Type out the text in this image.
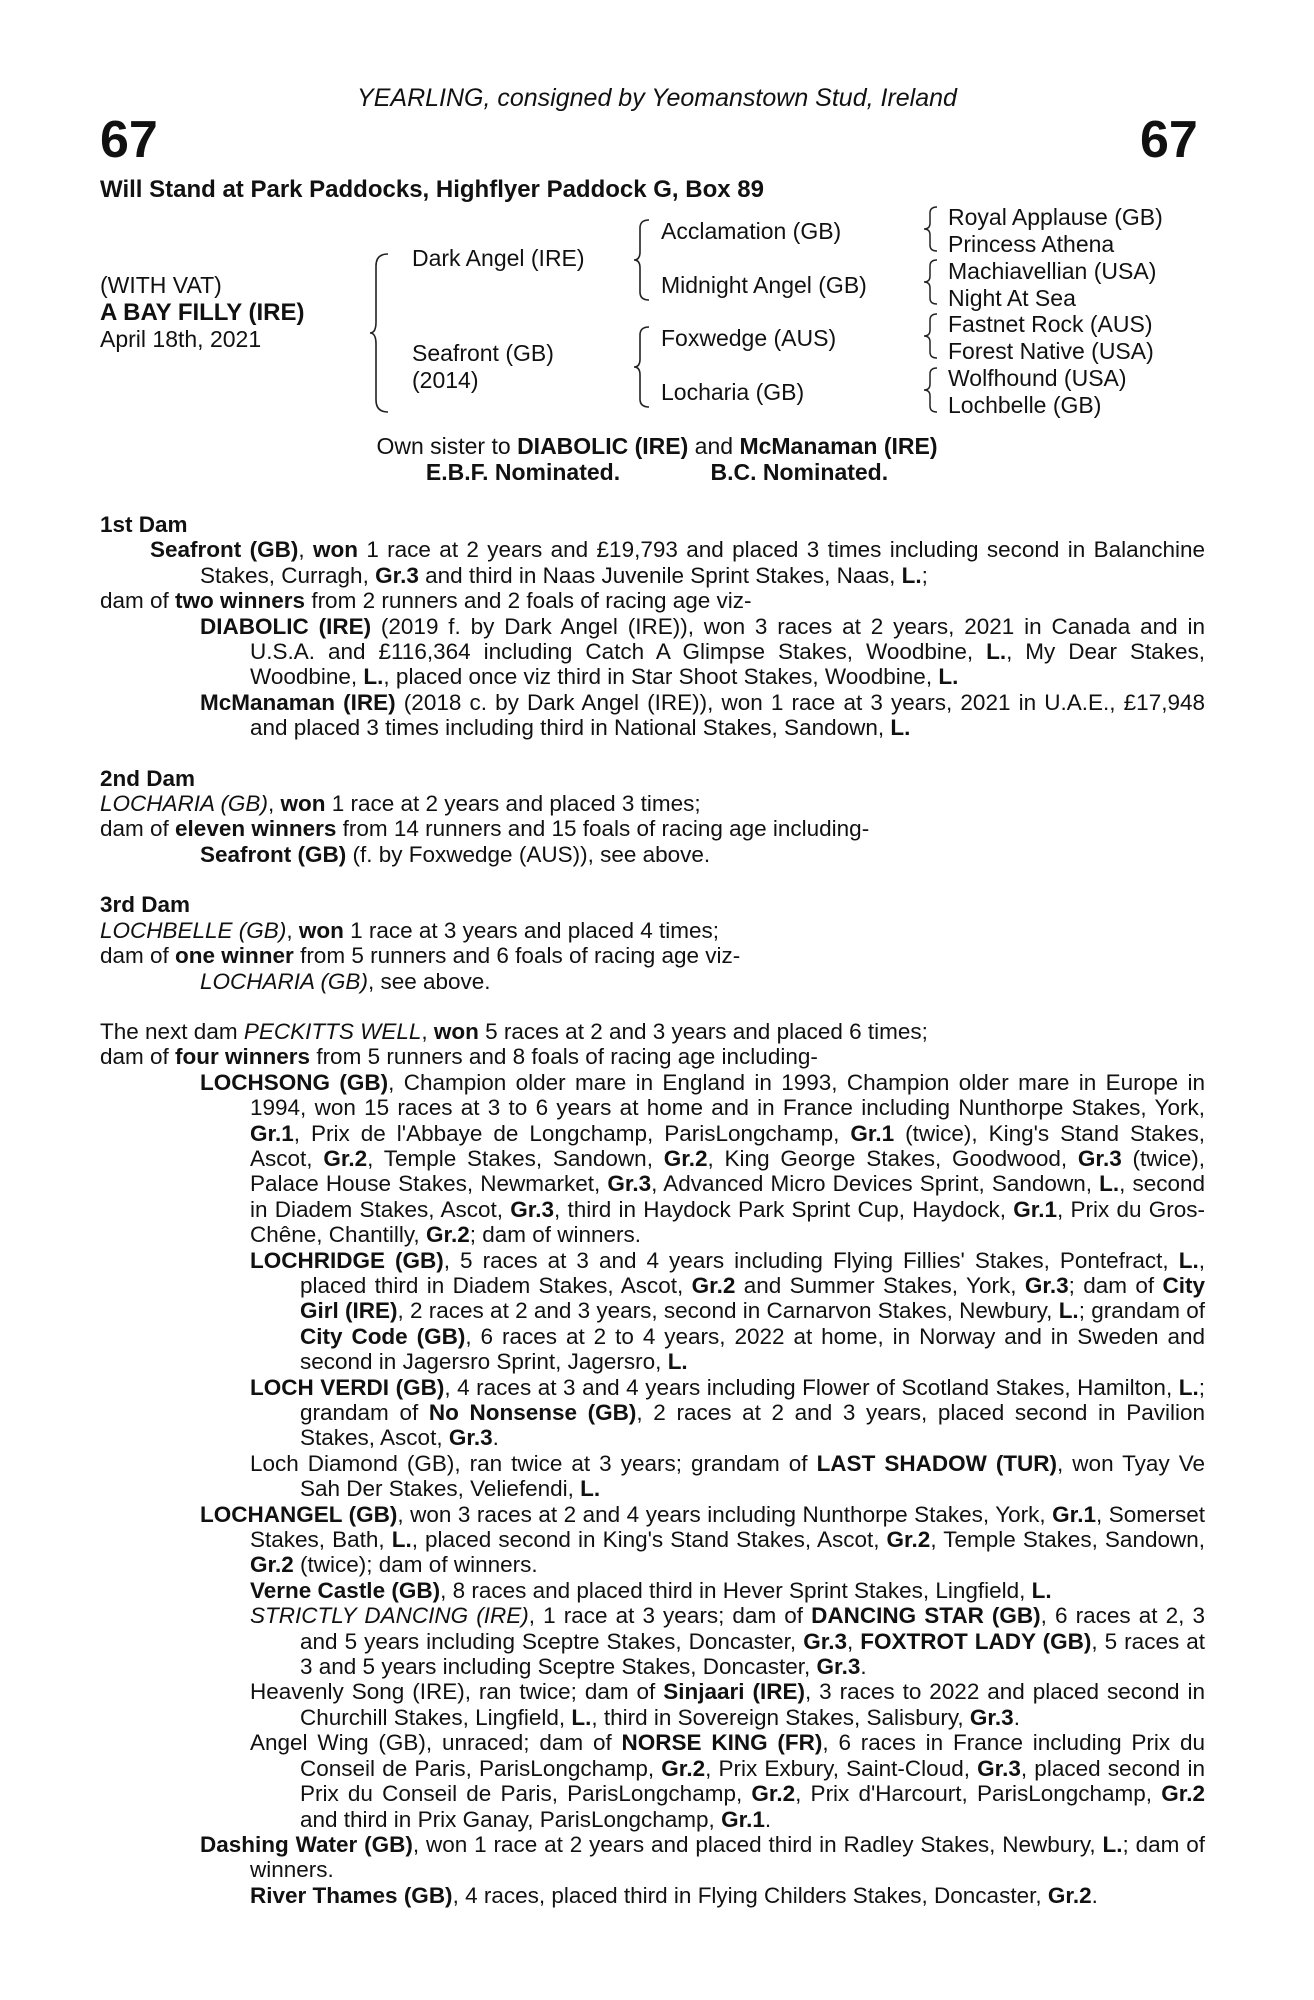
YEARLING, consigned by Yeomanstown Stud, Ireland
67	67
Will Stand at Park Paddocks, Highflyer Paddock G, Box 89
(WITH VAT)
A BAY FILLY (IRE)
April 18th, 2021
Dark Angel (IRE)
Seafront (GB)
(2014)
Acclamation (GB)
Midnight Angel (GB)
Foxwedge (AUS)
Locharia (GB)
Royal Applause (GB)
Princess Athena
Machiavellian (USA)
Night At Sea
Fastnet Rock (AUS)
Forest Native (USA)
Wolfhound (USA)
Lochbelle (GB)
Own sister to DIABOLIC (IRE) and McManaman (IRE)
E.B.F. Nominated.	B.C. Nominated.

1st Dam

Seafront (GB), won 1 race at 2 years and £19,793 and placed 3 times including second in Balanchine Stakes, Curragh, Gr.3 and third in Naas Juvenile Sprint Stakes, Naas, L.;

dam of two winners from 2 runners and 2 foals of racing age viz-

DIABOLIC (IRE) (2019 f. by Dark Angel (IRE)), won 3 races at 2 years, 2021 in Canada and in U.S.A. and £116,364 including Catch A Glimpse Stakes, Woodbine, L., My Dear Stakes, Woodbine, L., placed once viz third in Star Shoot Stakes, Woodbine, L.

McManaman (IRE) (2018 c. by Dark Angel (IRE)), won 1 race at 3 years, 2021 in U.A.E., £17,948 and placed 3 times including third in National Stakes, Sandown, L.

2nd Dam

LOCHARIA (GB), won 1 race at 2 years and placed 3 times;

dam of eleven winners from 14 runners and 15 foals of racing age including-

Seafront (GB) (f. by Foxwedge (AUS)), see above.

3rd Dam

LOCHBELLE (GB), won 1 race at 3 years and placed 4 times;

dam of one winner from 5 runners and 6 foals of racing age viz-

LOCHARIA (GB), see above.

The next dam PECKITTS WELL, won 5 races at 2 and 3 years and placed 6 times;

dam of four winners from 5 runners and 8 foals of racing age including-

LOCHSONG (GB), Champion older mare in England in 1993, Champion older mare in Europe in 1994, won 15 races at 3 to 6 years at home and in France including Nunthorpe Stakes, York, Gr.1, Prix de l'Abbaye de Longchamp, ParisLongchamp, Gr.1 (twice), King's Stand Stakes, Ascot, Gr.2, Temple Stakes, Sandown, Gr.2, King George Stakes, Goodwood, Gr.3 (twice), Palace House Stakes, Newmarket, Gr.3, Advanced Micro Devices Sprint, Sandown, L., second in Diadem Stakes, Ascot, Gr.3, third in Haydock Park Sprint Cup, Haydock, Gr.1, Prix du Gros-Chêne, Chantilly, Gr.2; dam of winners.

LOCHRIDGE (GB), 5 races at 3 and 4 years including Flying Fillies' Stakes, Pontefract, L., placed third in Diadem Stakes, Ascot, Gr.2 and Summer Stakes, York, Gr.3; dam of City Girl (IRE), 2 races at 2 and 3 years, second in Carnarvon Stakes, Newbury, L.; grandam of City Code (GB), 6 races at 2 to 4 years, 2022 at home, in Norway and in Sweden and second in Jagersro Sprint, Jagersro, L.

LOCH VERDI (GB), 4 races at 3 and 4 years including Flower of Scotland Stakes, Hamilton, L.; grandam of No Nonsense (GB), 2 races at 2 and 3 years, placed second in Pavilion Stakes, Ascot, Gr.3.

Loch Diamond (GB), ran twice at 3 years; grandam of LAST SHADOW (TUR), won Tyay Ve Sah Der Stakes, Veliefendi, L.

LOCHANGEL (GB), won 3 races at 2 and 4 years including Nunthorpe Stakes, York, Gr.1, Somerset Stakes, Bath, L., placed second in King's Stand Stakes, Ascot, Gr.2, Temple Stakes, Sandown, Gr.2 (twice); dam of winners.

Verne Castle (GB), 8 races and placed third in Hever Sprint Stakes, Lingfield, L.

STRICTLY DANCING (IRE), 1 race at 3 years; dam of DANCING STAR (GB), 6 races at 2, 3 and 5 years including Sceptre Stakes, Doncaster, Gr.3, FOXTROT LADY (GB), 5 races at 3 and 5 years including Sceptre Stakes, Doncaster, Gr.3.

Heavenly Song (IRE), ran twice; dam of Sinjaari (IRE), 3 races to 2022 and placed second in Churchill Stakes, Lingfield, L., third in Sovereign Stakes, Salisbury, Gr.3.

Angel Wing (GB), unraced; dam of NORSE KING (FR), 6 races in France including Prix du Conseil de Paris, ParisLongchamp, Gr.2, Prix Exbury, Saint-Cloud, Gr.3, placed second in Prix du Conseil de Paris, ParisLongchamp, Gr.2, Prix d'Harcourt, ParisLongchamp, Gr.2 and third in Prix Ganay, ParisLongchamp, Gr.1.

Dashing Water (GB), won 1 race at 2 years and placed third in Radley Stakes, Newbury, L.; dam of winners.

River Thames (GB), 4 races, placed third in Flying Childers Stakes, Doncaster, Gr.2.
